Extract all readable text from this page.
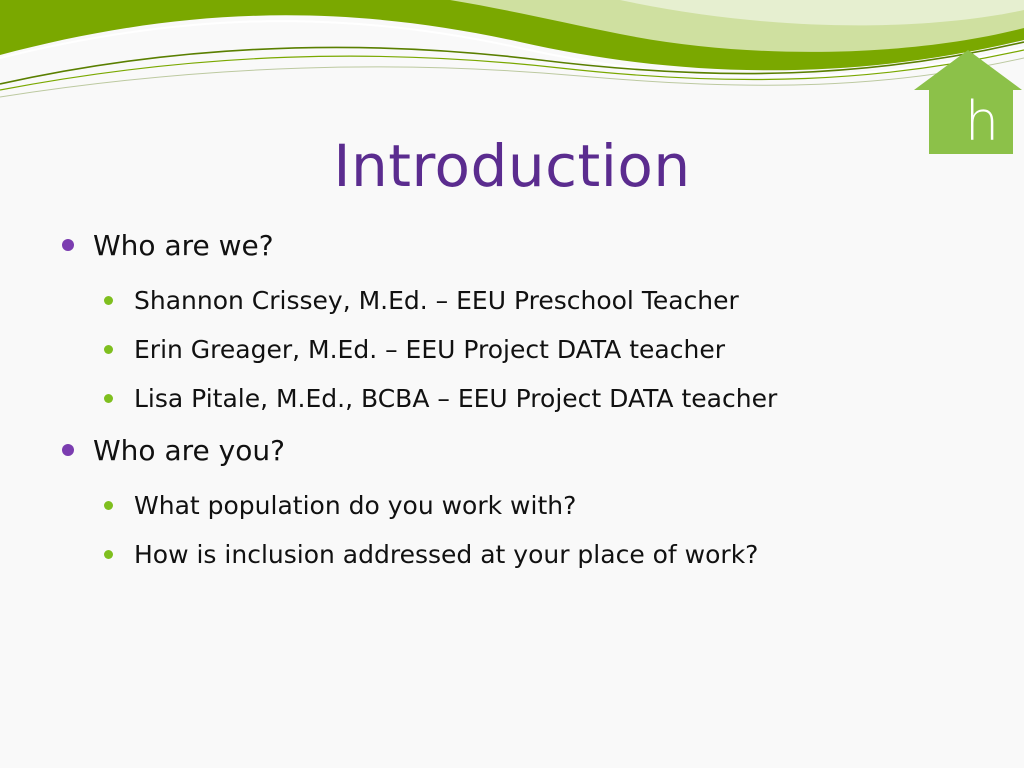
h
Introduction
Who are we?
Shannon Crissey, M.Ed. – EEU Preschool Teacher
Erin Greager, M.Ed. – EEU Project DATA teacher
Lisa Pitale, M.Ed., BCBA – EEU Project DATA teacher
Who are you?
What population do you work with?
How is inclusion addressed at your place of work?
